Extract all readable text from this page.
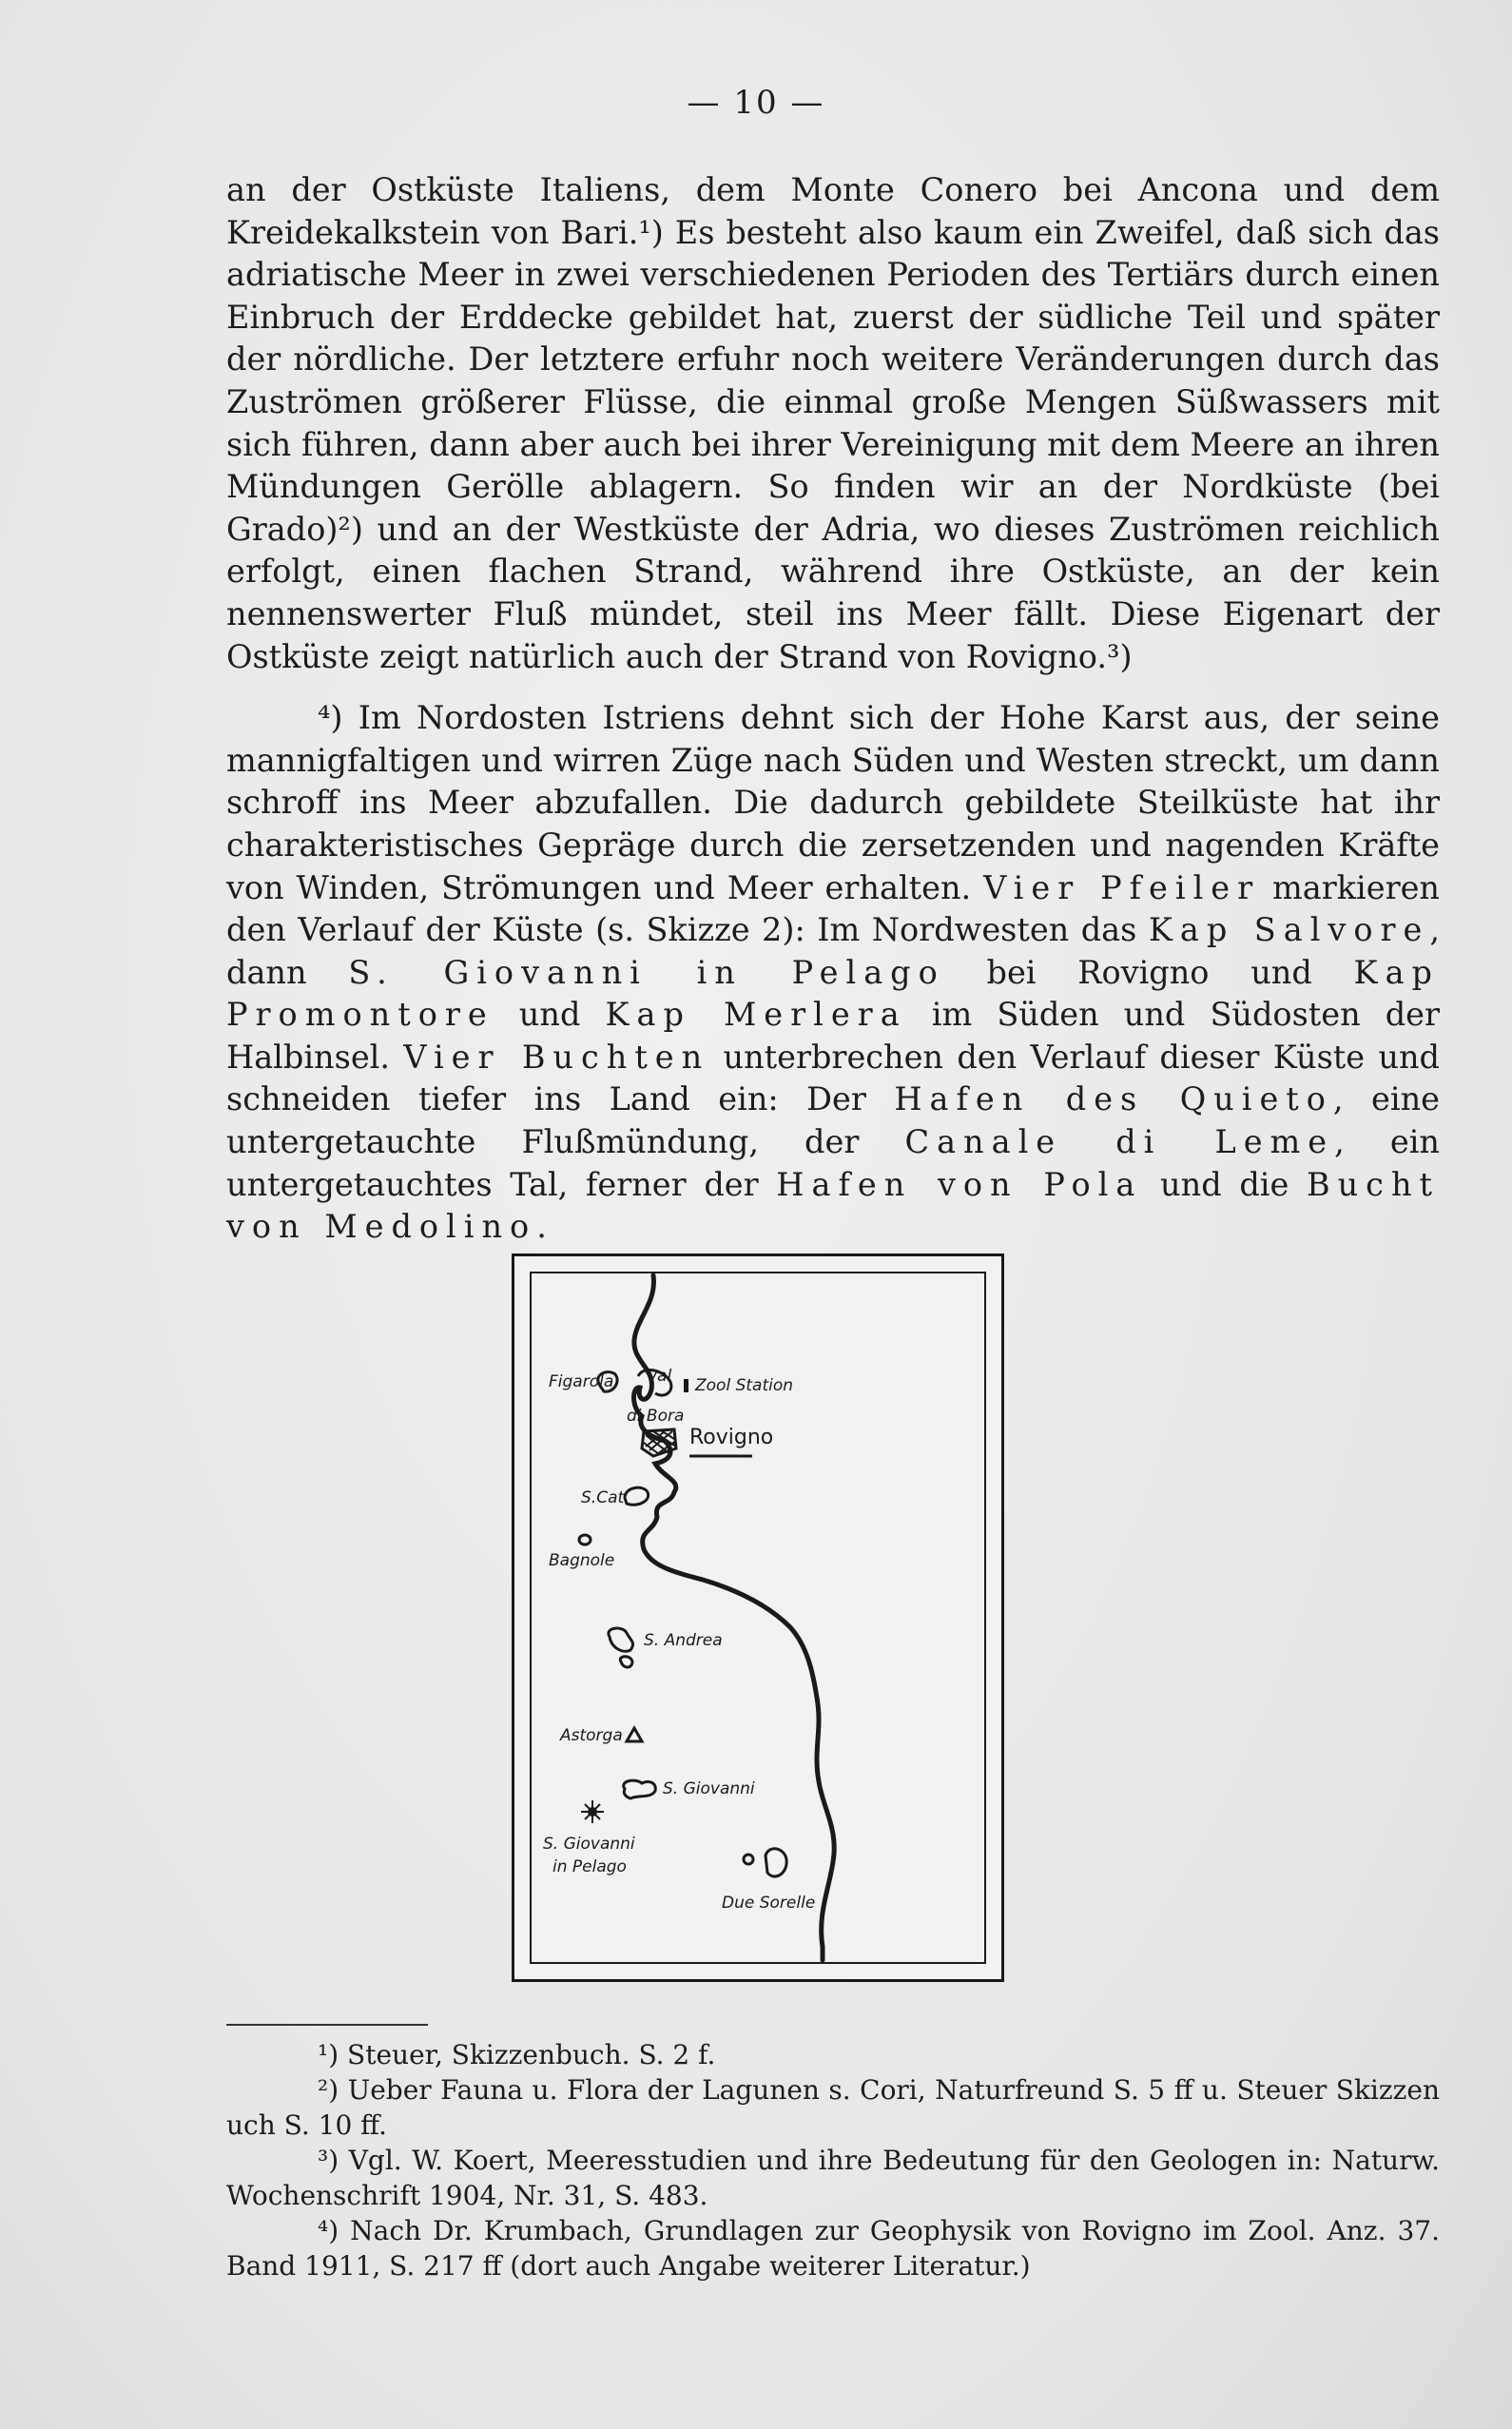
— 10 —

an der Ostküste Italiens, dem Monte Conero bei Ancona und dem Kreidekalkstein von Bari.¹) Es besteht also kaum ein Zweifel, daß sich das adriatische Meer in zwei verschiedenen Perioden des Tertiärs durch einen Einbruch der Erddecke gebildet hat, zuerst der südliche Teil und später der nördliche. Der letztere erfuhr noch weitere Veränderungen durch das Zuströmen größerer Flüsse, die einmal große Mengen Süßwassers mit sich führen, dann aber auch bei ihrer Vereinigung mit dem Meere an ihren Mündungen Gerölle ablagern. So finden wir an der Nordküste (bei Grado)²) und an der Westküste der Adria, wo dieses Zuströmen reichlich erfolgt, einen flachen Strand, während ihre Ostküste, an der kein nennenswerter Fluß mündet, steil ins Meer fällt. Diese Eigenart der Ostküste zeigt natürlich auch der Strand von Rovigno.³)

⁴) Im Nordosten Istriens dehnt sich der Hohe Karst aus, der seine mannigfaltigen und wirren Züge nach Süden und Westen streckt, um dann schroff ins Meer abzufallen. Die dadurch gebildete Steilküste hat ihr charakteristisches Gepräge durch die zersetzenden und nagenden Kräfte von Winden, Strömungen und Meer erhalten. Vier Pfeiler markieren den Verlauf der Küste (s. Skizze 2): Im Nordwesten das Kap Salvore, dann S. Giovanni in Pelago bei Rovigno und Kap Promontore und Kap Merlera im Süden und Südosten der Halbinsel. Vier Buchten unterbrechen den Verlauf dieser Küste und schneiden tiefer ins Land ein: Der Hafen des Quieto, eine untergetauchte Flußmündung, der Canale di Leme, ein untergetauchtes Tal, ferner der Hafen von Pola und die Bucht von Medolino.

Figarola val
di Bora
Zool Station
Rovigno
S.Cat.
Bagnole
S. Andrea
Astorga
S. Giovanni
S. Giovanni
in Pelago
Due Sorelle

¹) Steuer, Skizzenbuch. S. 2 f.

²) Ueber Fauna u. Flora der Lagunen s. Cori, Naturfreund S. 5 ff u. Steuer Skizzen uch S. 10 ff.

³) Vgl. W. Koert, Meeresstudien und ihre Bedeutung für den Geologen in: Naturw. Wochenschrift 1904, Nr. 31, S. 483.

⁴) Nach Dr. Krumbach, Grundlagen zur Geophysik von Rovigno im Zool. Anz. 37. Band 1911, S. 217 ff (dort auch Angabe weiterer Literatur.)
